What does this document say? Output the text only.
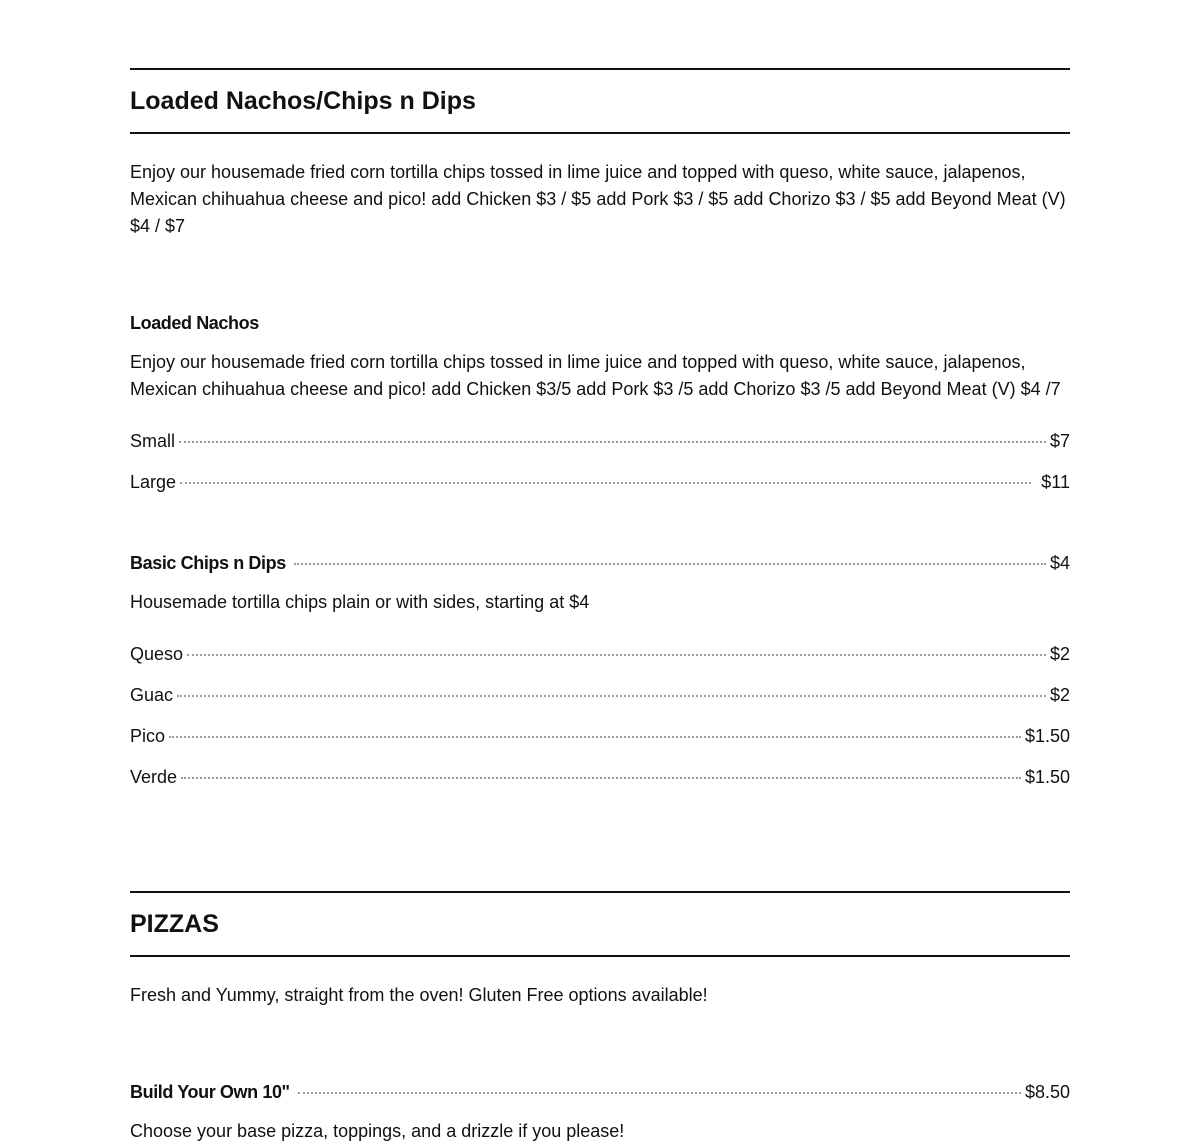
Loaded Nachos/Chips n Dips

Enjoy our housemade fried corn tortilla chips tossed in lime juice and topped with queso, white sauce, jalapenos, Mexican chihuahua cheese and pico! add Chicken $3 / $5 add Pork $3 / $5 add Chorizo $3 / $5 add Beyond Meat (V) $4 / $7

Loaded Nachos

Enjoy our housemade fried corn tortilla chips tossed in lime juice and topped with queso, white sauce, jalapenos, Mexican chihuahua cheese and pico! add Chicken $3/5 add Pork $3 /5 add Chorizo $3 /5 add Beyond Meat (V) $4 /7

Small	$7
Large	$11
Basic Chips n Dips	$4

Housemade tortilla chips plain or with sides, starting at $4

Queso	$2
Guac	$2
Pico	$1.50
Verde	$1.50
PIZZAS

Fresh and Yummy, straight from the oven! Gluten Free options available!

Build Your Own 10"	$8.50

Choose your base pizza, toppings, and a drizzle if you please!
